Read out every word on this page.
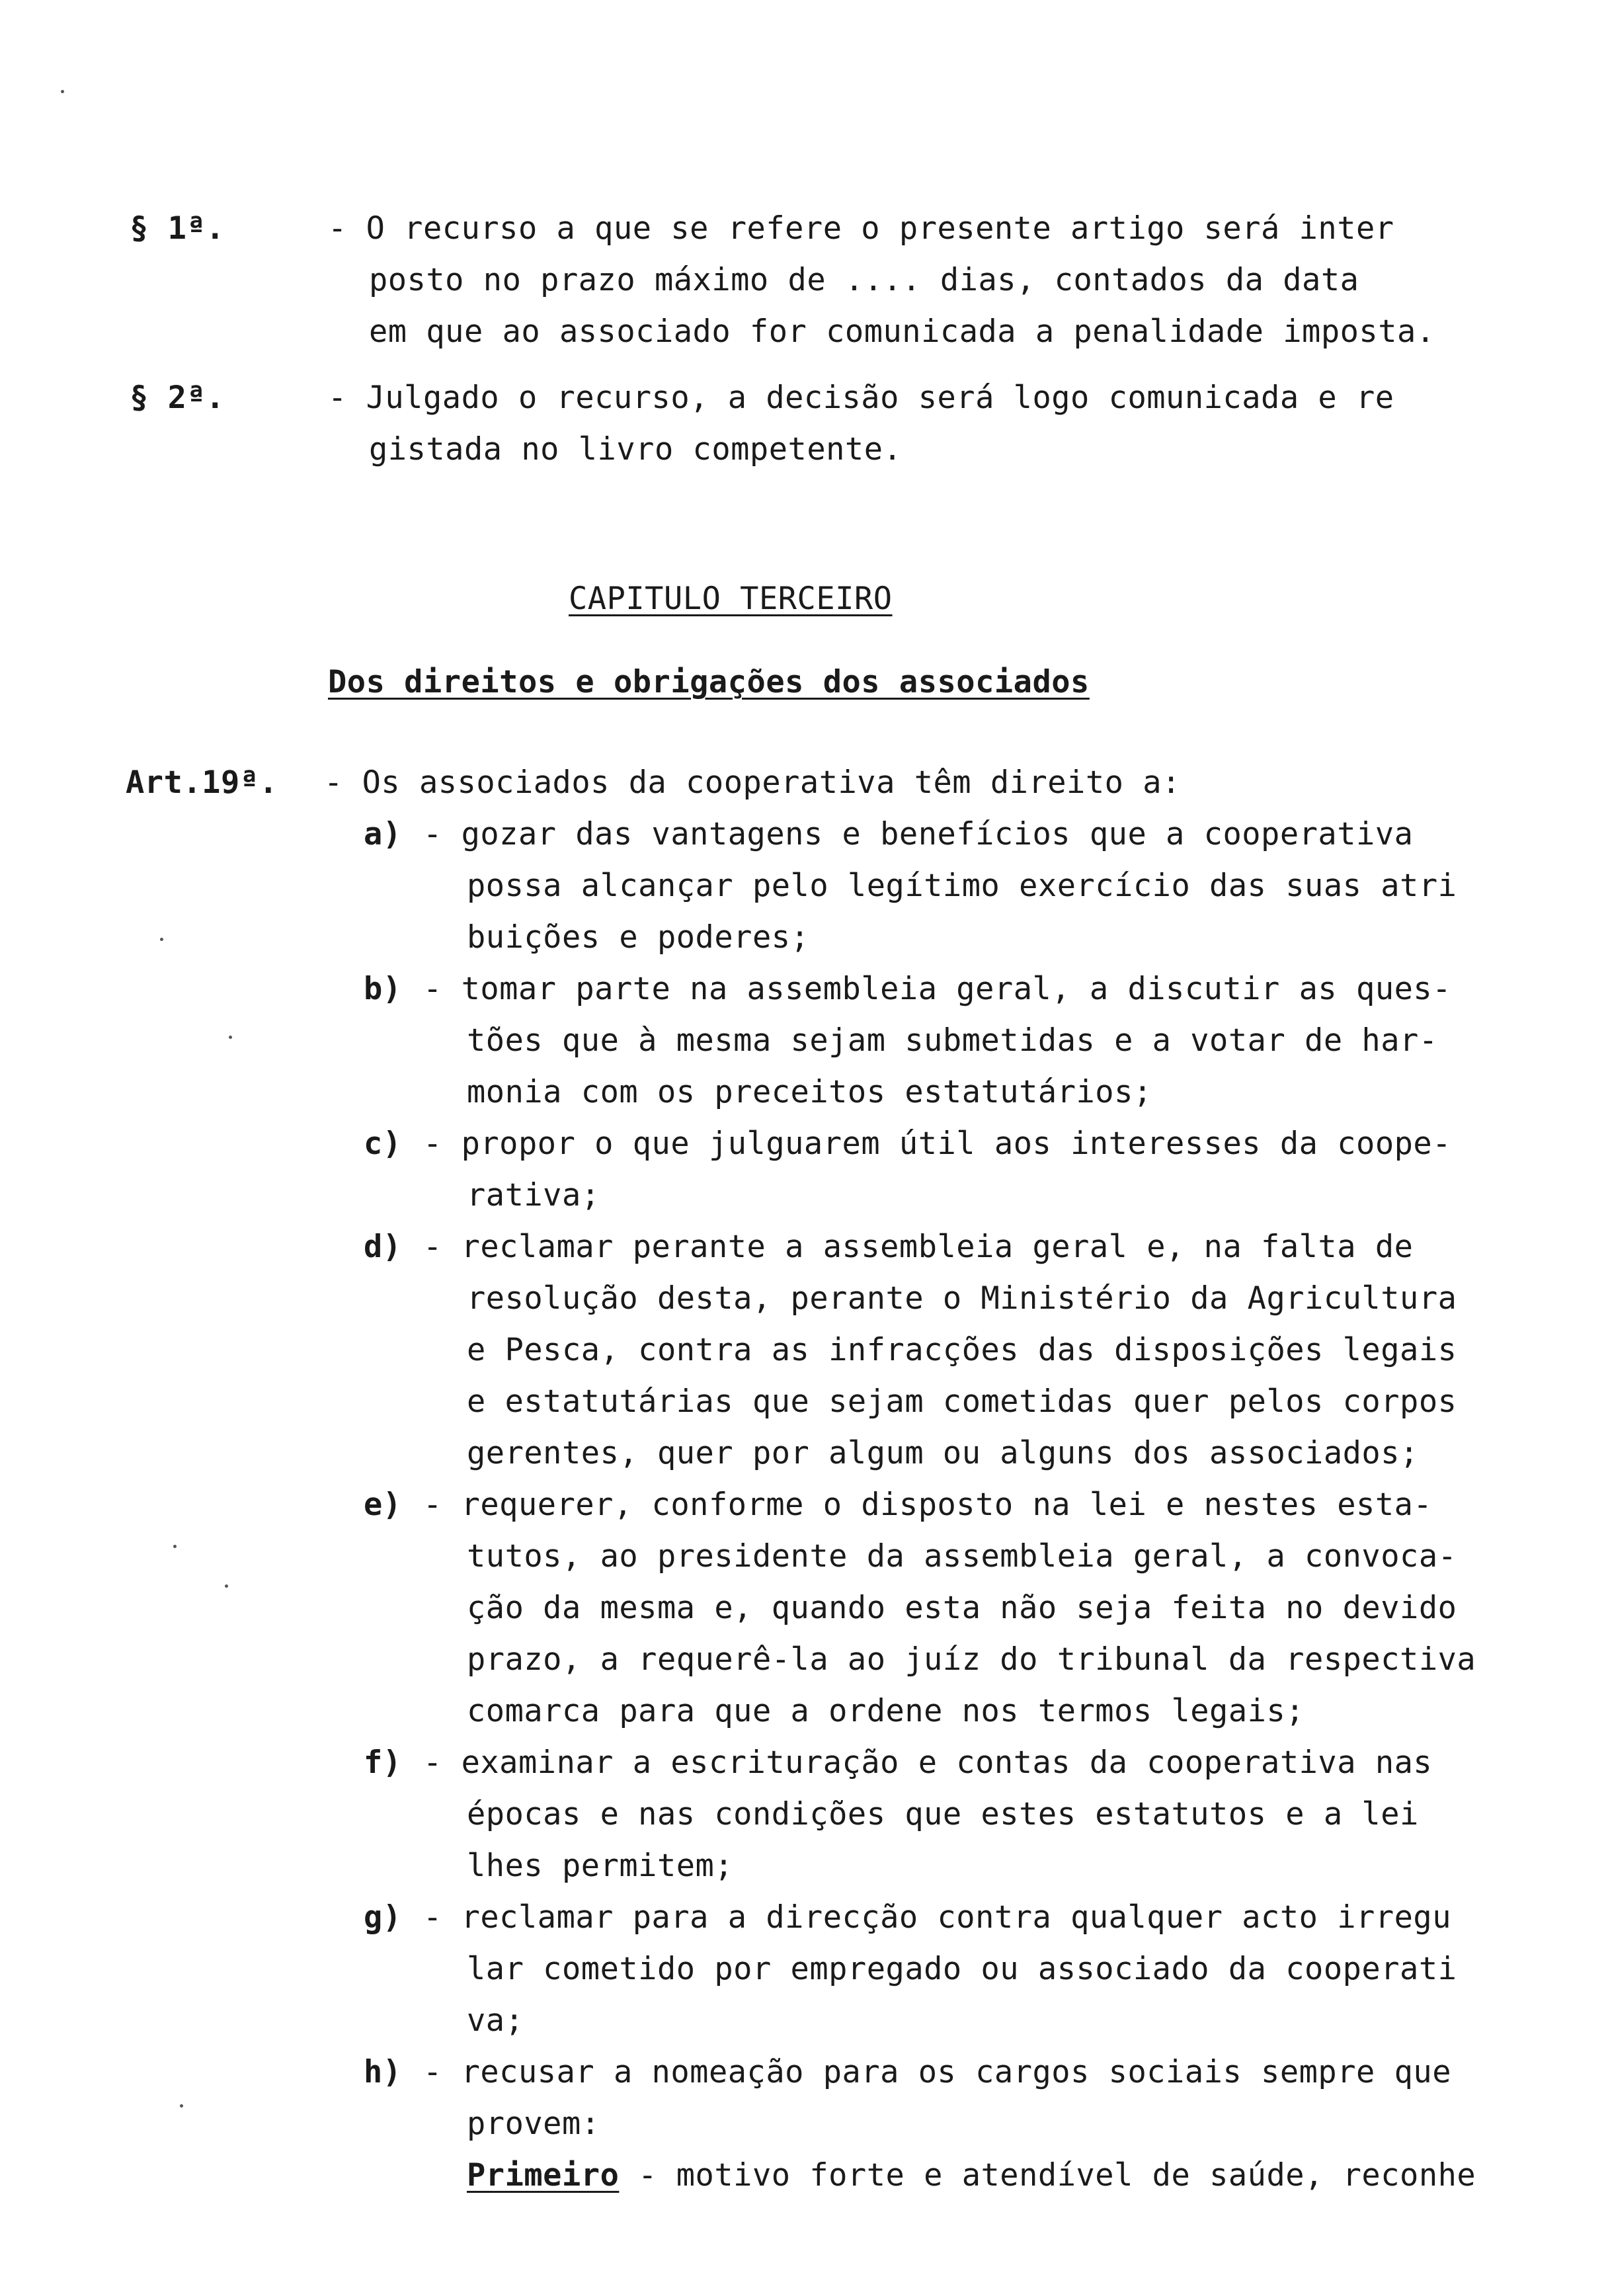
§ 1ª.	- O recurso a que se refere o presente artigo será inter
posto no prazo máximo de .... dias, contados da data
em que ao associado for comunicada a penalidade imposta.
§ 2ª.	- Julgado o recurso, a decisão será logo comunicada e re
gistada no livro competente.
CAPITULO TERCEIRO
Dos direitos e obrigações dos associados
Art.19ª. - Os associados da cooperativa têm direito a:
a) - gozar das vantagens e benefícios que a cooperativa
possa alcançar pelo legítimo exercício das suas atri
buições e poderes;
b) - tomar parte na assembleia geral, a discutir as ques-
tões que à mesma sejam submetidas e a votar de har-
monia com os preceitos estatutários;
c) - propor o que julguarem útil aos interesses da coope-
rativa;
d) - reclamar perante a assembleia geral e, na falta de
resolução desta, perante o Ministério da Agricultura
e Pesca, contra as infracções das disposições legais
e estatutárias que sejam cometidas quer pelos corpos
gerentes, quer por algum ou alguns dos associados;
e) - requerer, conforme o disposto na lei e nestes esta-
tutos, ao presidente da assembleia geral, a convoca-
ção da mesma e, quando esta não seja feita no devido
prazo, a requerê-la ao juíz do tribunal da respectiva
comarca para que a ordene nos termos legais;
f) - examinar a escrituração e contas da cooperativa nas
épocas e nas condições que estes estatutos e a lei
lhes permitem;
g) - reclamar para a direcção contra qualquer acto irregu
lar cometido por empregado ou associado da cooperati
va;
h) - recusar a nomeação para os cargos sociais sempre que
provem:
Primeiro - motivo forte e atendível de saúde, reconhe
